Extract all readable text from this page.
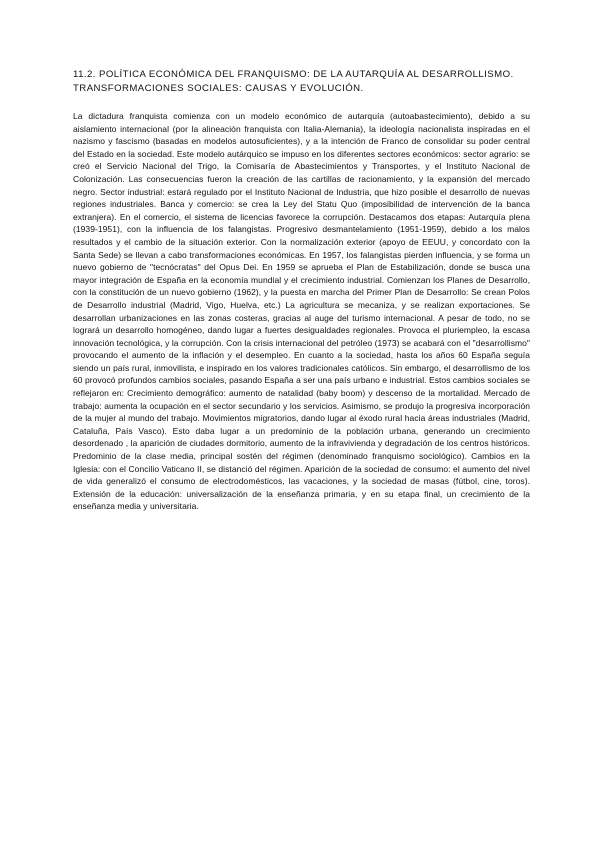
11.2. POLÍTICA ECONÓMICA DEL FRANQUISMO: DE LA AUTARQUÍA AL DESARROLLISMO.
TRANSFORMACIONES SOCIALES: CAUSAS Y EVOLUCIÓN.

La dictadura franquista comienza con un modelo económico de autarquía (autoabastecimiento), debido a su aislamiento internacional (por la alineación franquista con Italia-Alemania), la ideología nacionalista inspiradas en el nazismo y fascismo (basadas en modelos autosuficientes), y a la intención de Franco de consolidar su poder central del Estado en la sociedad. Este modelo autárquico se impuso en los diferentes sectores económicos: sector agrario: se creó el Servicio Nacional del Trigo, la Comisaría de Abastecimientos y Transportes, y el Instituto Nacional de Colonización. Las consecuencias fueron la creación de las cartillas de racionamiento, y la expansión del mercado negro. Sector industrial: estará regulado por el Instituto Nacional de Industria, que hizo posible el desarrollo de nuevas regiones industriales. Banca y comercio: se crea la Ley del Statu Quo (imposibilidad de intervención de la banca extranjera). En el comercio, el sistema de licencias favorece la corrupción. Destacamos dos etapas: Autarquía plena (1939-1951), con la influencia de los falangistas. Progresivo desmantelamiento (1951-1959), debido a los malos resultados y el cambio de la situación exterior. Con la normalización exterior (apoyo de EEUU, y concordato con la Santa Sede) se llevan a cabo transformaciones económicas. En 1957, los falangistas pierden influencia, y se forma un nuevo gobierno de "tecnócratas" del Opus Dei. En 1959 se aprueba el Plan de Estabilización, donde se busca una mayor integración de España en la economía mundial y el crecimiento industrial. Comienzan los Planes de Desarrollo, con la constitución de un nuevo gobierno (1962), y la puesta en marcha del Primer Plan de Desarrollo: Se crean Polos de Desarrollo industrial (Madrid, Vigo, Huelva, etc.) La agricultura se mecaniza, y se realizan exportaciones. Se desarrollan urbanizaciones en las zonas costeras, gracias al auge del turismo internacional. A pesar de todo, no se logrará un desarrollo homogéneo, dando lugar a fuertes desigualdades regionales. Provoca el pluriempleo, la escasa innovación tecnológica, y la corrupción. Con la crisis internacional del petróleo (1973) se acabará con el "desarrollismo" provocando el aumento de la inflación y el desempleo. En cuanto a la sociedad, hasta los años 60 España seguía siendo un país rural, inmovilista, e inspirado en los valores tradicionales católicos. Sin embargo, el desarrollismo de los 60 provocó profundos cambios sociales, pasando España a ser una país urbano e industrial. Estos cambios sociales se reflejaron en: Crecimiento demográfico: aumento de natalidad (baby boom) y descenso de la mortalidad. Mercado de trabajo: aumenta la ocupación en el sector secundario y los servicios. Asimismo, se produjo la progresiva incorporación de la mujer al mundo del trabajo. Movimientos migratorios, dando lugar al éxodo rural hacia áreas industriales (Madrid, Cataluña, País Vasco). Esto daba lugar a un predominio de la población urbana, generando un crecimiento desordenado , la aparición de ciudades dormitorio, aumento de la infravivienda y degradación de los centros históricos. Predominio de la clase media, principal sostén del régimen (denominado franquismo sociológico). Cambios en la Iglesia: con el Concilio Vaticano II, se distanció del régimen. Aparición de la sociedad de consumo: el aumento del nivel de vida generalizó el consumo de electrodomésticos, las vacaciones, y la sociedad de masas (fútbol, cine, toros). Extensión de la educación: universalización de la enseñanza primaria, y en su etapa final, un crecimiento de la enseñanza media y universitaria.
